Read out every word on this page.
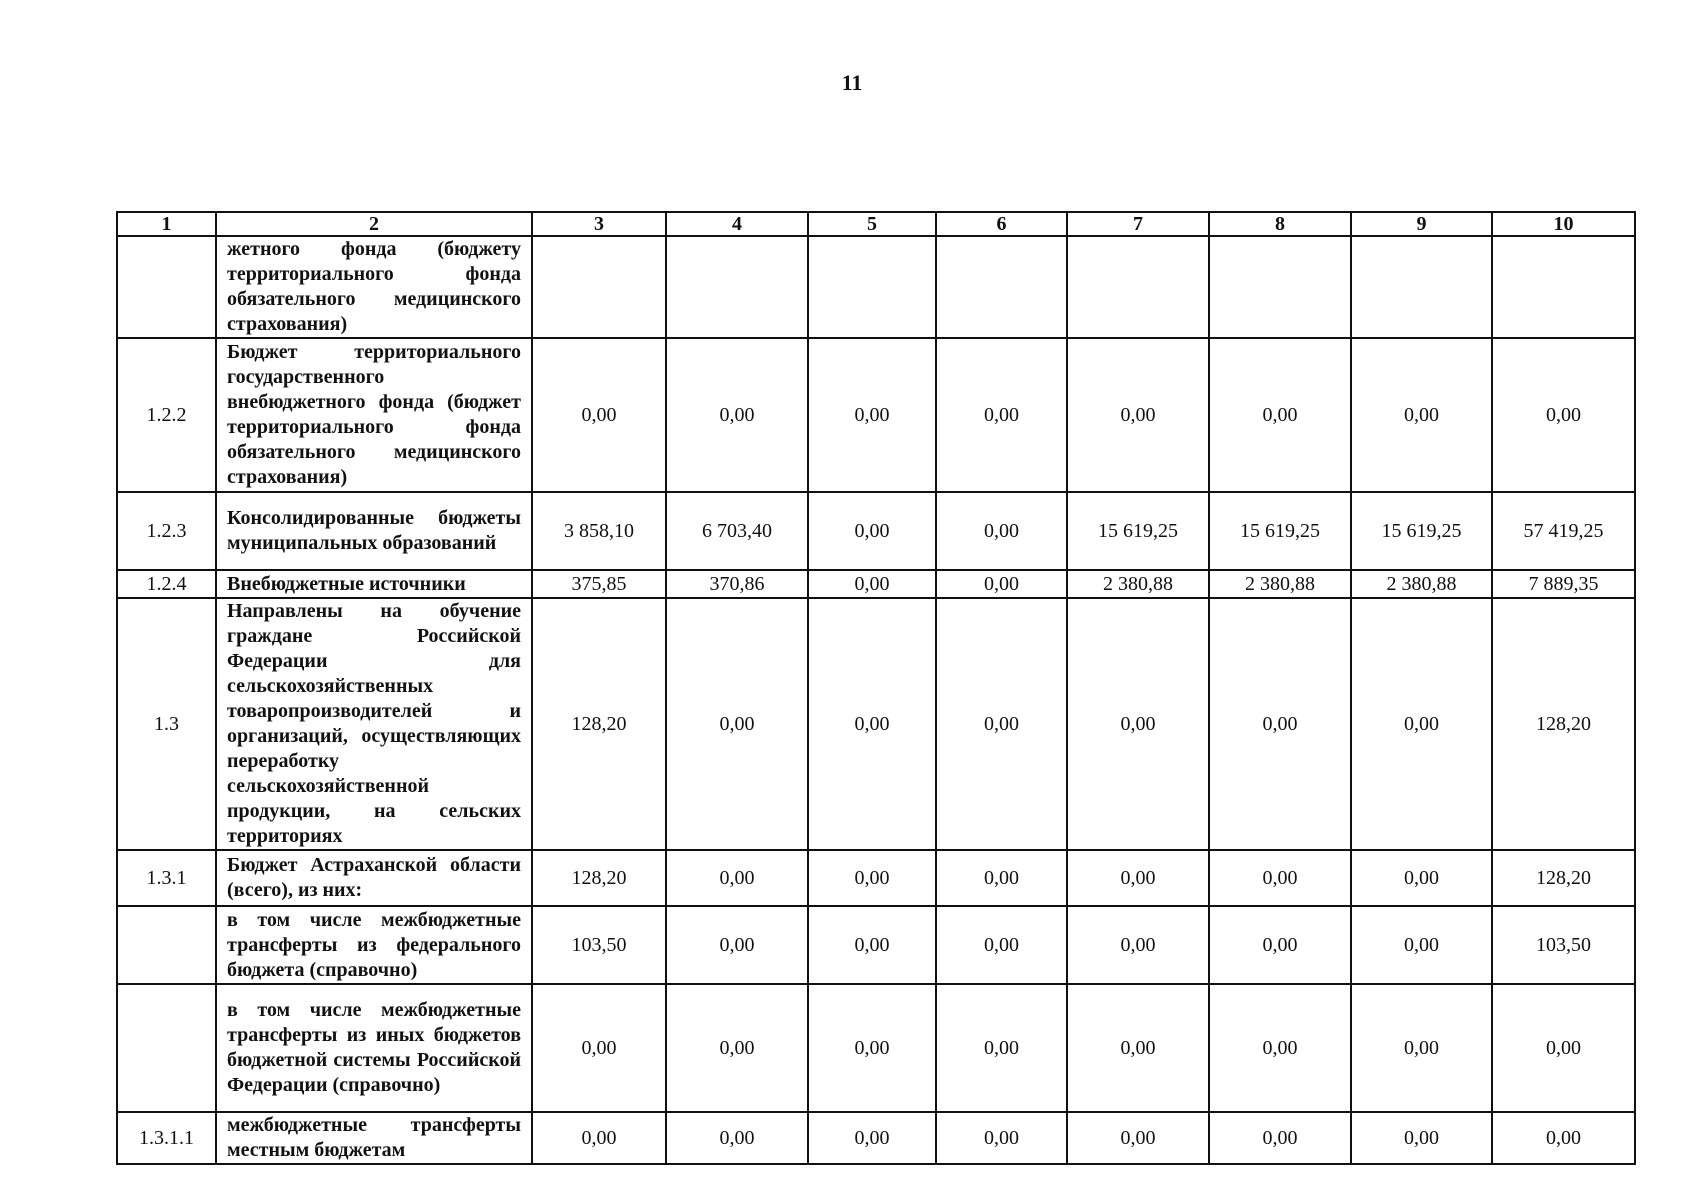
11
1	2	3	4	5	6	7	8	9	10
	жетного фонда (бюджету территориального фонда обязательного медицинского страхования)								
1.2.2	Бюджет территориального государственного внебюджетного фонда (бюджет территориального фонда обязательного медицинского страхования)	0,00	0,00	0,00	0,00	0,00	0,00	0,00	0,00
1.2.3	Консолидированные бюджеты муниципальных образований	3 858,10	6 703,40	0,00	0,00	15 619,25	15 619,25	15 619,25	57 419,25
1.2.4	Внебюджетные источники	375,85	370,86	0,00	0,00	2 380,88	2 380,88	2 380,88	7 889,35
1.3	Направлены на обучение граждане Российской Федерации для сельскохозяйственных товаропроизводителей и организаций, осуществляющих переработку сельскохозяйственной продукции, на сельских территориях	128,20	0,00	0,00	0,00	0,00	0,00	0,00	128,20
1.3.1	Бюджет Астраханской области (всего), из них:	128,20	0,00	0,00	0,00	0,00	0,00	0,00	128,20
	в том числе межбюджетные трансферты из федерального бюджета (справочно)	103,50	0,00	0,00	0,00	0,00	0,00	0,00	103,50
	в том числе межбюджетные трансферты из иных бюджетов бюджетной системы Российской Федерации (справочно)	0,00	0,00	0,00	0,00	0,00	0,00	0,00	0,00
1.3.1.1	межбюджетные трансферты местным бюджетам	0,00	0,00	0,00	0,00	0,00	0,00	0,00	0,00
